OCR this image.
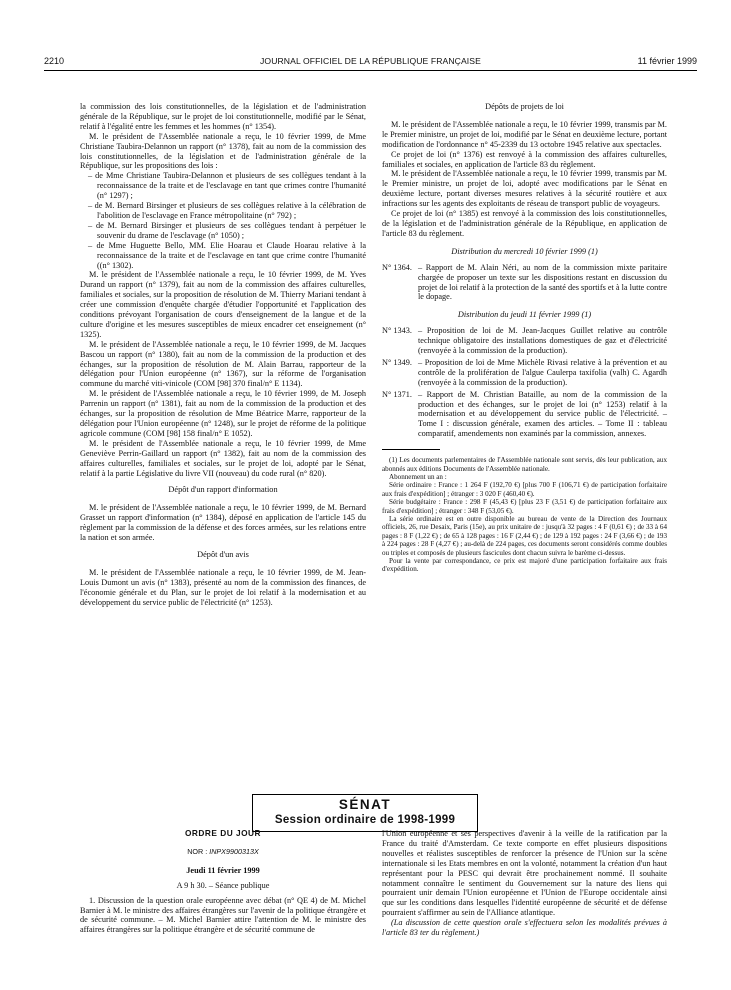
2210	JOURNAL OFFICIEL DE LA RÉPUBLIQUE FRANÇAISE	11 février 1999

la commission des lois constitutionnelles, de la législation et de l'administration générale de la République, sur le projet de loi constitutionnelle, modifié par le Sénat, relatif à l'égalité entre les femmes et les hommes (n° 1354).

M. le président de l'Assemblée nationale a reçu, le 10 février 1999, de Mme Christiane Taubira-Delannon un rapport (n° 1378), fait au nom de la commission des lois constitutionnelles, de la législation et de l'administration générale de la République, sur les propositions des lois :

– de Mme Christiane Taubira-Delannon et plusieurs de ses collègues tendant à la reconnaissance de la traite et de l'esclavage en tant que crimes contre l'humanité (n° 1297) ;

– de M. Bernard Birsinger et plusieurs de ses collègues relative à la célébration de l'abolition de l'esclavage en France métropolitaine (n° 792) ;

– de M. Bernard Birsinger et plusieurs de ses collègues tendant à perpétuer le souvenir du drame de l'esclavage (n° 1050) ;

– de Mme Huguette Bello, MM. Elie Hoarau et Claude Hoarau relative à la reconnaissance de la traite et de l'esclavage en tant que crime contre l'humanité ((n° 1302).

M. le président de l'Assemblée nationale a reçu, le 10 février 1999, de M. Yves Durand un rapport (n° 1379), fait au nom de la commission des affaires culturelles, familiales et sociales, sur la proposition de résolution de M. Thierry Mariani tendant à créer une commission d'enquête chargée d'étudier l'opportunité et l'application des conditions prévoyant l'organisation de cours d'enseignement de la langue et de la culture d'origine et les mesures susceptibles de mieux encadrer cet enseignement (n° 1325).

M. le président de l'Assemblée nationale a reçu, le 10 février 1999, de M. Jacques Bascou un rapport (n° 1380), fait au nom de la commission de la production et des échanges, sur la proposition de résolution de M. Alain Barrau, rapporteur de la délégation pour l'Union européenne (n° 1367), sur la réforme de l'organisation commune du marché viti-vinicole (COM [98] 370 final/n° E 1134).

M. le président de l'Assemblée nationale a reçu, le 10 février 1999, de M. Joseph Parrenin un rapport (n° 1381), fait au nom de la commission de la production et des échanges, sur la proposition de résolution de Mme Béatrice Marre, rapporteur de la délégation pour l'Union européenne (n° 1248), sur le projet de réforme de la politique agricole commune (COM [98] 158 final/n° E 1052).

M. le président de l'Assemblée nationale a reçu, le 10 février 1999, de Mme Geneviève Perrin-Gaillard un rapport (n° 1382), fait au nom de la commission des affaires culturelles, familiales et sociales, sur le projet de loi, adopté par le Sénat, relatif à la partie Législative du livre VII (nouveau) du code rural (n° 820).

Dépôt d'un rapport d'information

M. le président de l'Assemblée nationale a reçu, le 10 février 1999, de M. Bernard Grasset un rapport d'information (n° 1384), déposé en application de l'article 145 du règlement par la commission de la défense et des forces armées, sur les relations entre la nation et son armée.

Dépôt d'un avis

M. le président de l'Assemblée nationale a reçu, le 10 février 1999, de M. Jean-Louis Dumont un avis (n° 1383), présenté au nom de la commission des finances, de l'économie générale et du Plan, sur le projet de loi relatif à la modernisation et au développement du service public de l'électricité (n° 1253).

Dépôts de projets de loi

M. le président de l'Assemblée nationale a reçu, le 10 février 1999, transmis par M. le Premier ministre, un projet de loi, modifié par le Sénat en deuxième lecture, portant modification de l'ordonnance n° 45-2339 du 13 octobre 1945 relative aux spectacles.

Ce projet de loi (n° 1376) est renvoyé à la commission des affaires culturelles, familiales et sociales, en application de l'article 83 du règlement.

M. le président de l'Assemblée nationale a reçu, le 10 février 1999, transmis par M. le Premier ministre, un projet de loi, adopté avec modifications par le Sénat en deuxième lecture, portant diverses mesures relatives à la sécurité routière et aux infractions sur les agents des exploitants de réseau de transport public de voyageurs.

Ce projet de loi (n° 1385) est renvoyé à la commission des lois constitutionnelles, de la législation et de l'administration générale de la République, en application de l'article 83 du règlement.

Distribution du mercredi 10 février 1999 (1)
N° 1364. – Rapport de M. Alain Néri, au nom de la commission mixte paritaire chargée de proposer un texte sur les dispositions restant en discussion du projet de loi relatif à la protection de la santé des sportifs et à la lutte contre le dopage.
Distribution du jeudi 11 février 1999 (1)
N° 1343. – Proposition de loi de M. Jean-Jacques Guillet relative au contrôle technique obligatoire des installations domestiques de gaz et d'électricité (renvoyée à la commission de la production).
N° 1349. – Proposition de loi de Mme Michèle Rivasi relative à la prévention et au contrôle de la prolifération de l'algue Caulerpa taxifolia (valh) C. Agardh (renvoyée à la commission de la production).
N° 1371. – Rapport de M. Christian Bataille, au nom de la commission de la production et des échanges, sur le projet de loi (n° 1253) relatif à la modernisation et au développement du service public de l'électricité. – Tome I : discussion générale, examen des articles. – Tome II : tableau comparatif, amendements non examinés par la commission, annexes.

(1) Les documents parlementaires de l'Assemblée nationale sont servis, dès leur publication, aux abonnés aux éditions Documents de l'Assemblée nationale.

Abonnement un an :

Série ordinaire : France : 1 264 F (192,70 €) [plus 700 F (106,71 €) de participation forfaitaire aux frais d'expédition] ; étranger : 3 020 F (460,40 €).

Série budgétaire : France : 298 F (45,43 €) [plus 23 F (3,51 €) de participation forfaitaire aux frais d'expédition] ; étranger : 348 F (53,05 €).

La série ordinaire est en outre disponible au bureau de vente de la Direction des Journaux officiels, 26, rue Desaix, Paris (15e), au prix unitaire de : jusqu'à 32 pages : 4 F (0,61 €) ; de 33 à 64 pages : 8 F (1,22 €) ; de 65 à 128 pages : 16 F (2,44 €) ; de 129 à 192 pages : 24 F (3,66 €) ; de 193 à 224 pages : 28 F (4,27 €) ; au-delà de 224 pages, ces documents seront considérés comme doubles ou triples et composés de plusieurs fascicules dont chacun suivra le barème ci-dessus.

Pour la vente par correspondance, ce prix est majoré d'une participation forfaitaire aux frais d'expédition.

SÉNAT
Session ordinaire de 1998-1999
ORDRE DU JOUR
NOR : INPX9900313X
Jeudi 11 février 1999
A 9 h 30. – Séance publique

1. Discussion de la question orale européenne avec débat (n° QE 4) de M. Michel Barnier à M. le ministre des affaires étrangères sur l'avenir de la politique étrangère et de sécurité commune. – M. Michel Barnier attire l'attention de M. le ministre des affaires étrangères sur la politique étrangère et de sécurité commune de

l'Union européenne et ses perspectives d'avenir à la veille de la ratification par la France du traité d'Amsterdam. Ce texte comporte en effet plusieurs dispositions nouvelles et réalistes susceptibles de renforcer la présence de l'Union sur la scène internationale si les Etats membres en ont la volonté, notamment la création d'un haut représentant pour la PESC qui devrait être prochainement nommé. Il souhaite notamment connaître le sentiment du Gouvernement sur la nature des liens qui pourraient unir demain l'Union européenne et l'Union de l'Europe occidentale ainsi que sur les conditions dans lesquelles l'identité européenne de sécurité et de défense pourraient s'affirmer au sein de l'Alliance atlantique.

(La discussion de cette question orale s'effectuera selon les modalités prévues à l'article 83 ter du règlement.)
